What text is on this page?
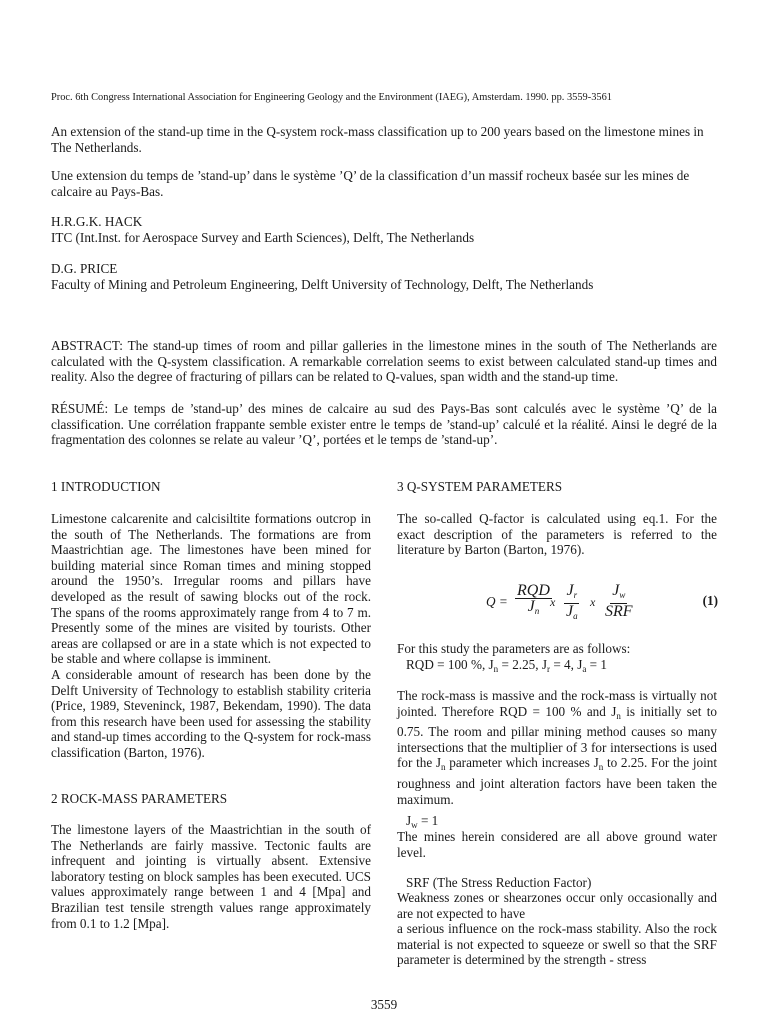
Proc. 6th Congress International Association for Engineering Geology and the Environment (IAEG), Amsterdam. 1990. pp. 3559-3561
An extension of the stand-up time in the Q-system rock-mass classification up to 200 years based on the limestone mines in The Netherlands.
Une extension du temps de ’stand-up’ dans le système ’Q’ de la classification d’un massif rocheux basée sur les mines de calcaire au Pays-Bas.
H.R.G.K. HACK
ITC (Int.Inst. for Aerospace Survey and Earth Sciences), Delft, The Netherlands
D.G. PRICE
Faculty of Mining and Petroleum Engineering, Delft University of Technology, Delft, The Netherlands
ABSTRACT: The stand-up times of room and pillar galleries in the limestone mines in the south of The Netherlands are calculated with the Q-system classification. A remarkable correlation seems to exist between calculated stand-up times and reality. Also the degree of fracturing of pillars can be related to Q-values, span width and the stand-up time.
RÉSUMÉ: Le temps de ’stand-up’ des mines de calcaire au sud des Pays-Bas sont calculés avec le système ’Q’ de la classification. Une corrélation frappante semble exister entre le temps de ’stand-up’ calculé et la réalité. Ainsi le degré de la fragmentation des colonnes se relate au valeur ’Q’, portées et le temps de ’stand-up’.
1 INTRODUCTION
Limestone calcarenite and calcisiltite formations outcrop in the south of The Netherlands. The formations are from Maastrichtian age. The limestones have been mined for building material since Roman times and mining stopped around the 1950’s. Irregular rooms and pillars have developed as the result of sawing blocks out of the rock. The spans of the rooms approximately range from 4 to 7 m. Presently some of the mines are visited by tourists. Other areas are collapsed or are in a state which is not expected to be stable and where collapse is imminent.
A considerable amount of research has been done by the Delft University of Technology to establish stability criteria (Price, 1989, Steveninck, 1987, Bekendam, 1990). The data from this research have been used for assessing the stability and stand-up times according to the Q-system for rock-mass classification (Barton, 1976).
2 ROCK-MASS PARAMETERS
The limestone layers of the Maastrichtian in the south of The Netherlands are fairly massive. Tectonic faults are infrequent and jointing is virtually absent. Extensive laboratory testing on block samples has been executed. UCS values approximately range between 1 and 4 [Mpa] and Brazilian test tensile strength values range approximately from 0.1 to 1.2 [Mpa].
3 Q-SYSTEM PARAMETERS
The so-called Q-factor is calculated using eq.1. For the exact description of the parameters is referred to the literature by Barton (Barton, 1976).
Q =
RQD
$J_n$
x $\frac{J_r}{J_a}$ x
$J_w$
SRF
(1)
For this study the parameters are as follows:
RQD = 100 %, $J_n = 2.25$, $J_r = 4$, $J_a = 1$
The rock-mass is massive and the rock-mass is virtually not jointed. Therefore RQD = 100 % and $J_n$ is initially set to 0.75. The room and pillar mining method causes so many intersections that the multiplier of 3 for intersections is used for the $J_n$ parameter which increases $J_n$ to 2.25. For the joint roughness and joint alteration factors have been taken the maximum.
$J_w = 1$
The mines herein considered are all above ground water level.
SRF (The Stress Reduction Factor)
Weakness zones or shearzones occur only occasionally and are not expected to have
a serious influence on the rock-mass stability. Also the rock material is not expected to squeeze or swell so that the SRF parameter is determined by the strength - stress
3559
